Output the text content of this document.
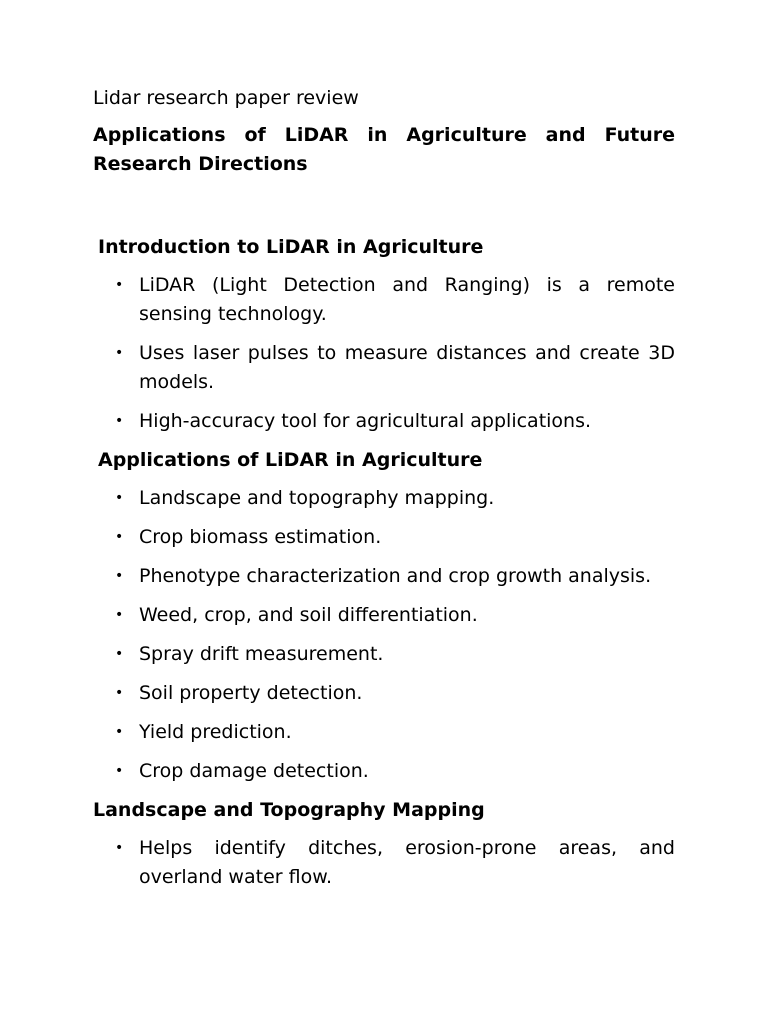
Lidar research paper review

Applications of LiDAR in Agriculture and Future Research Directions

Introduction to LiDAR in Agriculture

• LiDAR (Light Detection and Ranging) is a remote sensing technology.
• Uses laser pulses to measure distances and create 3D models.
• High-accuracy tool for agricultural applications.

Applications of LiDAR in Agriculture

• Landscape and topography mapping.
• Crop biomass estimation.
• Phenotype characterization and crop growth analysis.
• Weed, crop, and soil differentiation.
• Spray drift measurement.
• Soil property detection.
• Yield prediction.
• Crop damage detection.

Landscape and Topography Mapping

• Helps identify ditches, erosion-prone areas, and overland water flow.
